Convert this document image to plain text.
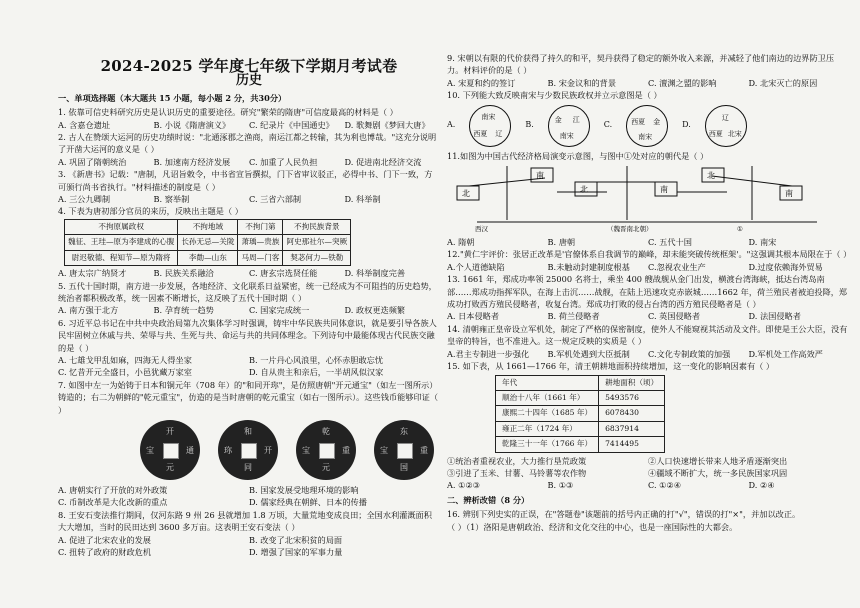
2024-2025 学年度七年级下学期月考试卷
历史
一、单项选择题（本大题共 15 小题，每小题 2 分，共30分）

1. 依靠可信史料研究历史是认识历史的重要途径。研究"繁荣的隋唐"可信度最高的材料是（ ）

A. 含嘉仓遗址	B. 小说《隋唐演义》	C. 纪录片《中国通史》	D. 歌舞剧《梦回大唐》

2. 古人在赞颂大运河的历史功绩时说："北通涿郡之渔商，南运江都之转输，其为利也博哉。"这充分说明了开凿大运河的意义是（ ）

A. 巩固了隋朝统治	B. 加速南方经济发展	C. 加重了人民负担	D. 促进南北经济交流

3. 《新唐书》记载："唐制，凡诏旨敕令，中书省宣旨撰拟，门下省审议驳正，必得中书、门下一致，方可颁行尚书省执行。"材料描述的制度是（ ）

A. 三公九卿制	B. 察举制	C. 三省六部制	D. 科举制

4. 下表为唐初部分官员的来历，反映出主题是（ ）

不拘原属政权	不拘地域	不拘门第	不拘民族背景
魏征、王珪—原为李建成的心腹	长孙无忌—关陇	萧瑀—贵族	阿史那社尔—突厥
尉迟敬德、程知节—原为隋将	李勣—山东	马周—门客	契苾何力—铁勒
A. 唐太宗广纳贤才	B. 民族关系融洽	C. 唐玄宗选贤任能	D. 科举制度完善

5. 五代十国时期，南方进一步发展，各地经济、文化联系日益紧密，统一已经成为不可阻挡的历史趋势，统治者都积极改革，统一因素不断增长，这反映了五代十国时期（ ）

A. 南方强于北方	B. 孕育统一趋势	C. 国家完成统一	D. 政权更迭频繁

6. 习近平总书记在中共中央政治局第九次集体学习时强调，铸牢中华民族共同体意识，就是要引导各族人民牢固树立休戚与共、荣辱与共、生死与共、命运与共的共同体理念。下列诗句中最能体现古代民族交融的是（ ）

A. 七雄戈甲乱如麻，四海无人得坐家	B. 一片丹心风浪里，心怀赤胆敢忘忧
C. 忆昔开元全盛日，小邑犹藏万家室	D. 自从贵主和亲后，一半胡风似汉家

7. 如图中左一为始铸于日本和铜元年（708 年）的"和同开珎"，是仿照唐朝"开元通宝"（如左一图所示）铸造的；右二为朝鲜的"乾元重宝"，仿造的是当时唐朝的乾元重宝（如右一图所示）。这些钱币能够印证（ ）

开
元
通
宝
和
同
开
珎
乾
元
重
宝
东
国
重
宝
A. 唐朝实行了开放的对外政策	B. 国家发展受地理环境的影响
C. 币制改革是大化改新的重点	D. 儒家经典在朝鲜、日本的传播

8. 王安石变法推行期间，仅河东路 9 州 26 县就增加 1.8 万顷，大量荒地变成良田；全国水利灌溉面积大大增加，当时的民田达到 3600 多万亩。这表明王安石变法（ ）

A. 促进了北宋农业的发展	B. 改变了北宋积贫的局面
C. 扭转了政府的财政危机	D. 增强了国家的军事力量

9. 宋朝以有限的代价获得了持久的和平，契丹获得了稳定的额外收入来源，并减轻了他们南边的边界防卫压力。材料评价的是（ ）

A. 宋夏和约的签订	B. 宋金议和的背景	C. 澶渊之盟的影响	D. 北宋灭亡的原因

10. 下列能大致反映南宋与少数民族政权并立示意图是（ ）

A.
南宋
西夏 辽
B.
金 江
南宋
C.	西夏 金
南宋
D.
辽
西夏 北宋

11.如图为中国古代经济格局演变示意图，与图中①处对应的朝代是（ ）

北
南
北	南
北
南
西汉	（魏晋南北朝）	①
A. 隋朝	B. 唐朝	C. 五代十国	D. 南宋

12."黄仁宇评价：张居正改革是'官僚体系自我调节的巅峰，却未能突破传统框架'。"这强调其根本局限在于（ ）

A.个人道德缺陷	B.未触动封建制度根基	C.忽视农业生产	D.过度依赖海外贸易

13. 1661 年，郑成功率领 25000 名将士，乘坐 400 艘战舰从金门出发，横渡台湾海峡，抵达台湾岛南部……郑成功指挥军队，在海上击沉……战舰，在陆上迅速攻克赤嵌城……1662 年，荷兰殖民者被迫投降，郑成功打败西方殖民侵略者，收复台湾。郑成功打败的侵占台湾的西方殖民侵略者是（ ）

A. 日本侵略者	B. 荷兰侵略者	C. 英国侵略者	D. 法国侵略者

14. 清朝雍正皇帝设立军机处，制定了严格的保密制度，使外人不能窥视其活动及文件。即使是王公大臣，没有皇帝的特旨，也不准进入。这一规定反映的实质是（ ）

A.君主专制进一步强化	B.军机处遇到大臣抵制	C.文化专制政策的加强	D.军机处工作高效严

15. 如下表，从 1661—1766 年，清王朝耕地面积持续增加，这一变化的影响因素有（ ）

年代	耕地面积（顷）
顺治十八年（1661 年）	5493576
康熙二十四年（1685 年）	6078430
雍正二年（1724 年）	6837914
乾隆三十一年（1766 年）	7414495
①统治者重视农业，大力推行垦荒政策	②人口快速增长带来人地矛盾逐渐突出
③引进了玉米、甘薯、马铃薯等农作物	④疆域不断扩大，统一多民族国家巩固
A. ①②③	B. ①③	C. ①②④	D. ②④
二、辨析改错（8 分）

16. 辨别下列史实的正误，在"答题卷"该题前的括号内正确的打"√"，错误的打"×"，并加以改正。

（ ）（1）洛阳是唐朝政治、经济和文化交往的中心，也是一座国际性的大都会。
